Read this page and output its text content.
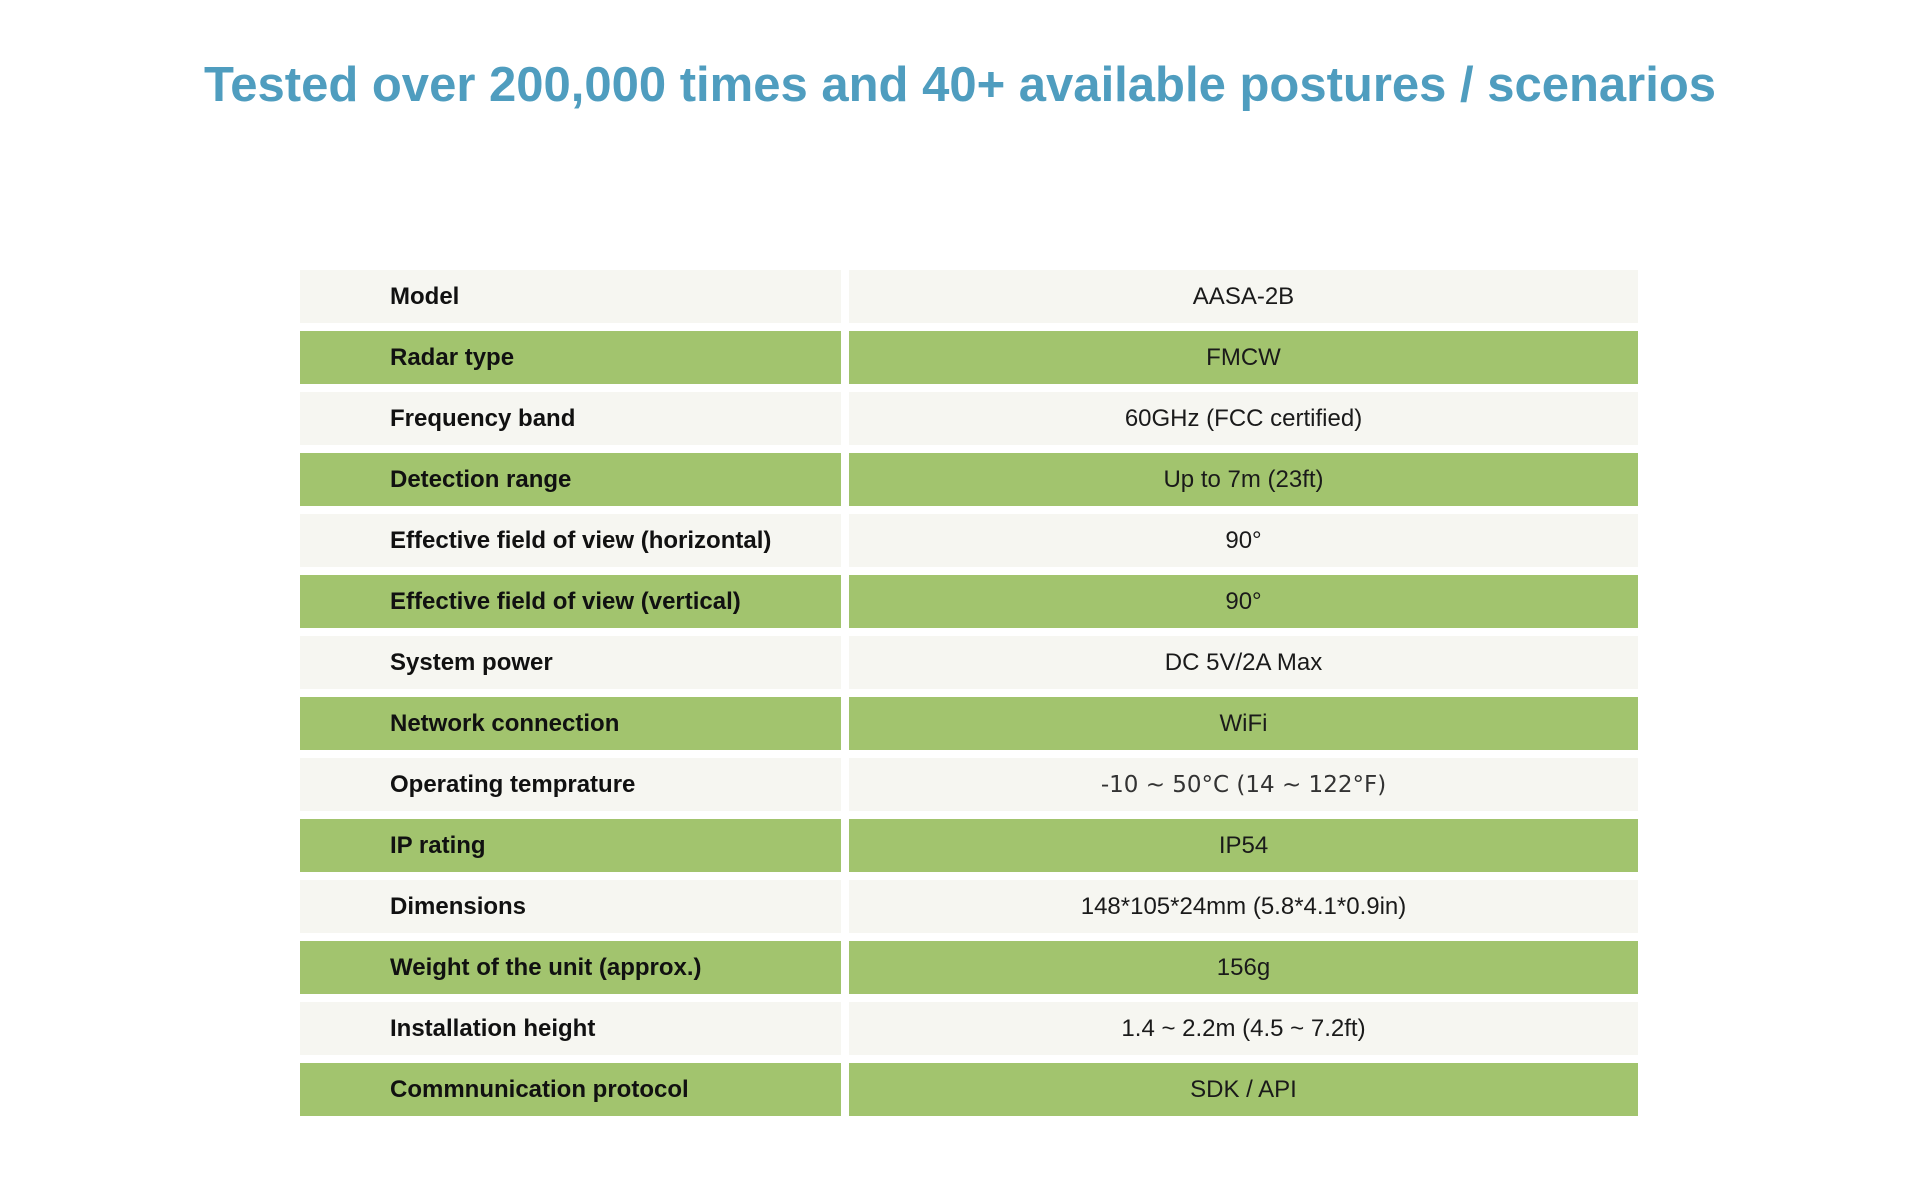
Tested over 200,000 times and 40+ available postures / scenarios
Model	AASA-2B
Radar type	FMCW
Frequency band	60GHz (FCC certified)
Detection range	Up to 7m (23ft)
Effective field of view (horizontal)	90°
Effective field of view (vertical)	90°
System power	DC 5V/2A Max
Network connection	WiFi
Operating temprature	-10 ~ 50°C (14 ~ 122°F)
IP rating	IP54
Dimensions	148*105*24mm (5.8*4.1*0.9in)
Weight of the unit (approx.)	156g
Installation height	1.4 ~ 2.2m (4.5 ~ 7.2ft)
Commnunication protocol	SDK / API
